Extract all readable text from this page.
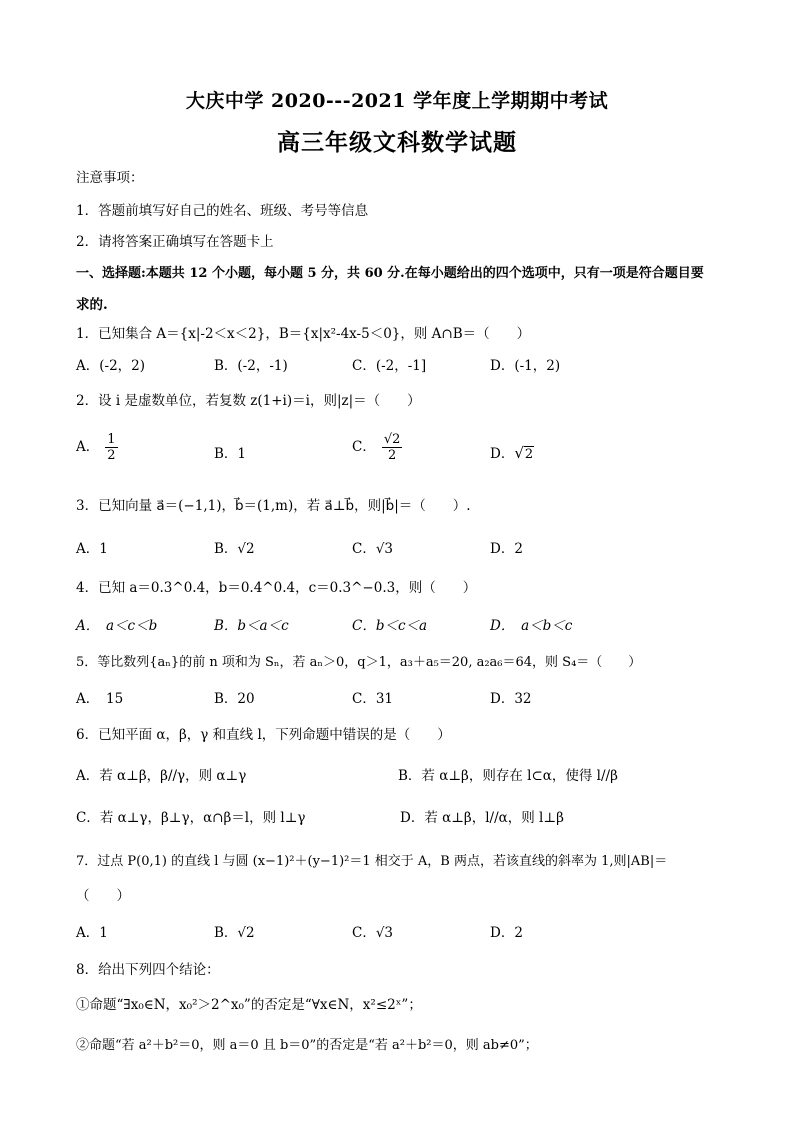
大庆中学 2020---2021 学年度上学期期中考试
高三年级文科数学试题
注意事项：
1．答题前填写好自己的姓名、班级、考号等信息
2．请将答案正确填写在答题卡上
一、选择题:本题共 12 个小题，每小题 5 分，共 60 分.在每小题给出的四个选项中，只有一项是符合题目要
求的.
1．已知集合 A＝{x|-2＜x＜2}，B＝{x|x²-4x-5＜0}，则 A∩B＝（　　）
A．(-2，2)	B．(-2，-1)	C．(-2，-1]	D．(-1，2)
2．设 i 是虚数单位，若复数 z(1+i)＝i，则|z|＝（　　）
A． $\frac{1}{2}$	B．1	C． $\frac{√2}{2}$	D．√2
3．已知向量 a⃗＝(−1,1)，b⃗＝(1,m)，若 a⃗⊥b⃗，则|b⃗|＝（　　）.
A．1	B．√2	C．√3	D．2
4．已知 a＝0.3^0.4，b＝0.4^0.4，c＝0.3^−0.3，则（　　）
A．　a＜c＜b	B．b＜a＜c	C．b＜c＜a	D．　a＜b＜c
5．等比数列{aₙ}的前 n 项和为 Sₙ，若 aₙ＞0，q＞1，a₃＋a₅＝20, a₂a₆＝64，则 S₄＝（　　）
A．　15	B．20	C．31	D．32
6．已知平面 α，β，γ 和直线 l，下列命题中错误的是（　　）
A．若 α⊥β，β//γ，则 α⊥γ	B．若 α⊥β，则存在 l⊂α，使得 l//β
C．若 α⊥γ，β⊥γ，α∩β＝l，则 l⊥γ	D．若 α⊥β，l//α，则 l⊥β
7．过点 P(0,1) 的直线 l 与圆 (x−1)²＋(y−1)²＝1 相交于 A，B 两点，若该直线的斜率为 1,则|AB|＝
（　　）
A．1	B．√2	C．√3	D．2
8．给出下列四个结论：
①命题“∃x₀∈N，x₀²＞2^x₀”的否定是“∀x∈N，x²≤2ˣ”；
②命题“若 a²＋b²＝0，则 a＝0 且 b＝0”的否定是“若 a²＋b²＝0，则 ab≠0”；
